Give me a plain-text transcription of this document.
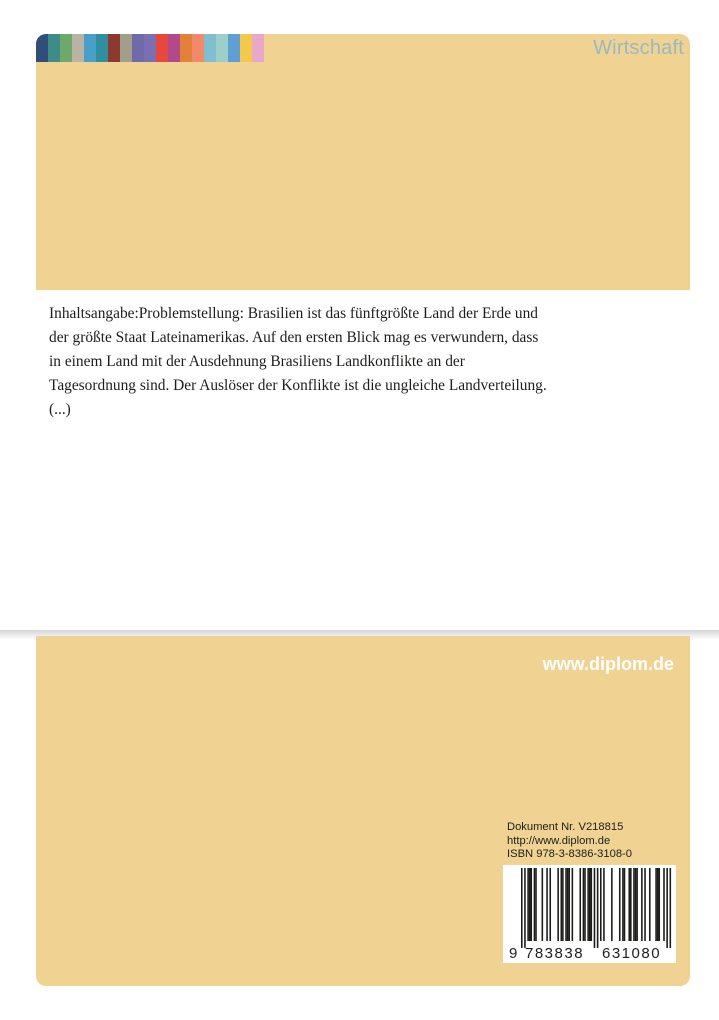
Wirtschaft
Inhaltsangabe:Problemstellung: Brasilien ist das fünftgrößte Land der Erde und
der größte Staat Lateinamerikas. Auf den ersten Blick mag es verwundern, dass
in einem Land mit der Ausdehnung Brasiliens Landkonflikte an der
Tagesordnung sind. Der Auslöser der Konflikte ist die ungleiche Landverteilung.
(...)
www.diplom.de
Dokument Nr. V218815
http://www.diplom.de
ISBN 978-3-8386-3108-0
9 783838 631080
